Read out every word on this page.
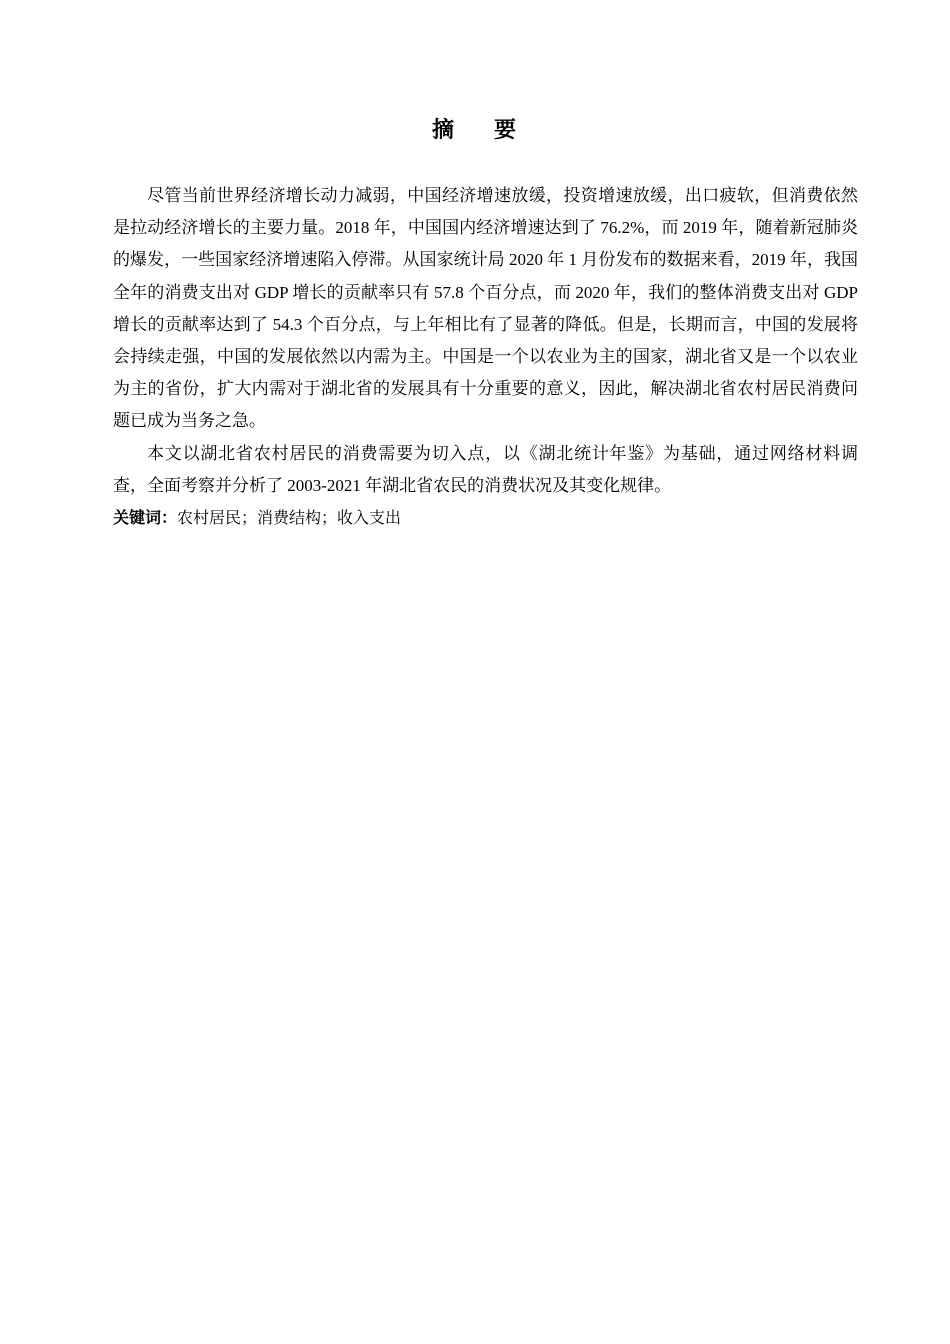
摘 要

尽管当前世界经济增长动力减弱，中国经济增速放缓，投资增速放缓，出口疲软，但消费依然是拉动经济增长的主要力量。2018 年，中国国内经济增速达到了 76.2%，而 2019 年，随着新冠肺炎的爆发，一些国家经济增速陷入停滞。从国家统计局 2020 年 1 月份发布的数据来看，2019 年，我国全年的消费支出对 GDP 增长的贡献率只有 57.8 个百分点，而 2020 年，我们的整体消费支出对 GDP 增长的贡献率达到了 54.3 个百分点，与上年相比有了显著的降低。但是，长期而言，中国的发展将会持续走强，中国的发展依然以内需为主。中国是一个以农业为主的国家，湖北省又是一个以农业为主的省份，扩大内需对于湖北省的发展具有十分重要的意义，因此，解决湖北省农村居民消费问题已成为当务之急。

本文以湖北省农村居民的消费需要为切入点，以《湖北统计年鉴》为基础，通过网络材料调查，全面考察并分析了 2003-2021 年湖北省农民的消费状况及其变化规律。

关键词：农村居民；消费结构；收入支出
